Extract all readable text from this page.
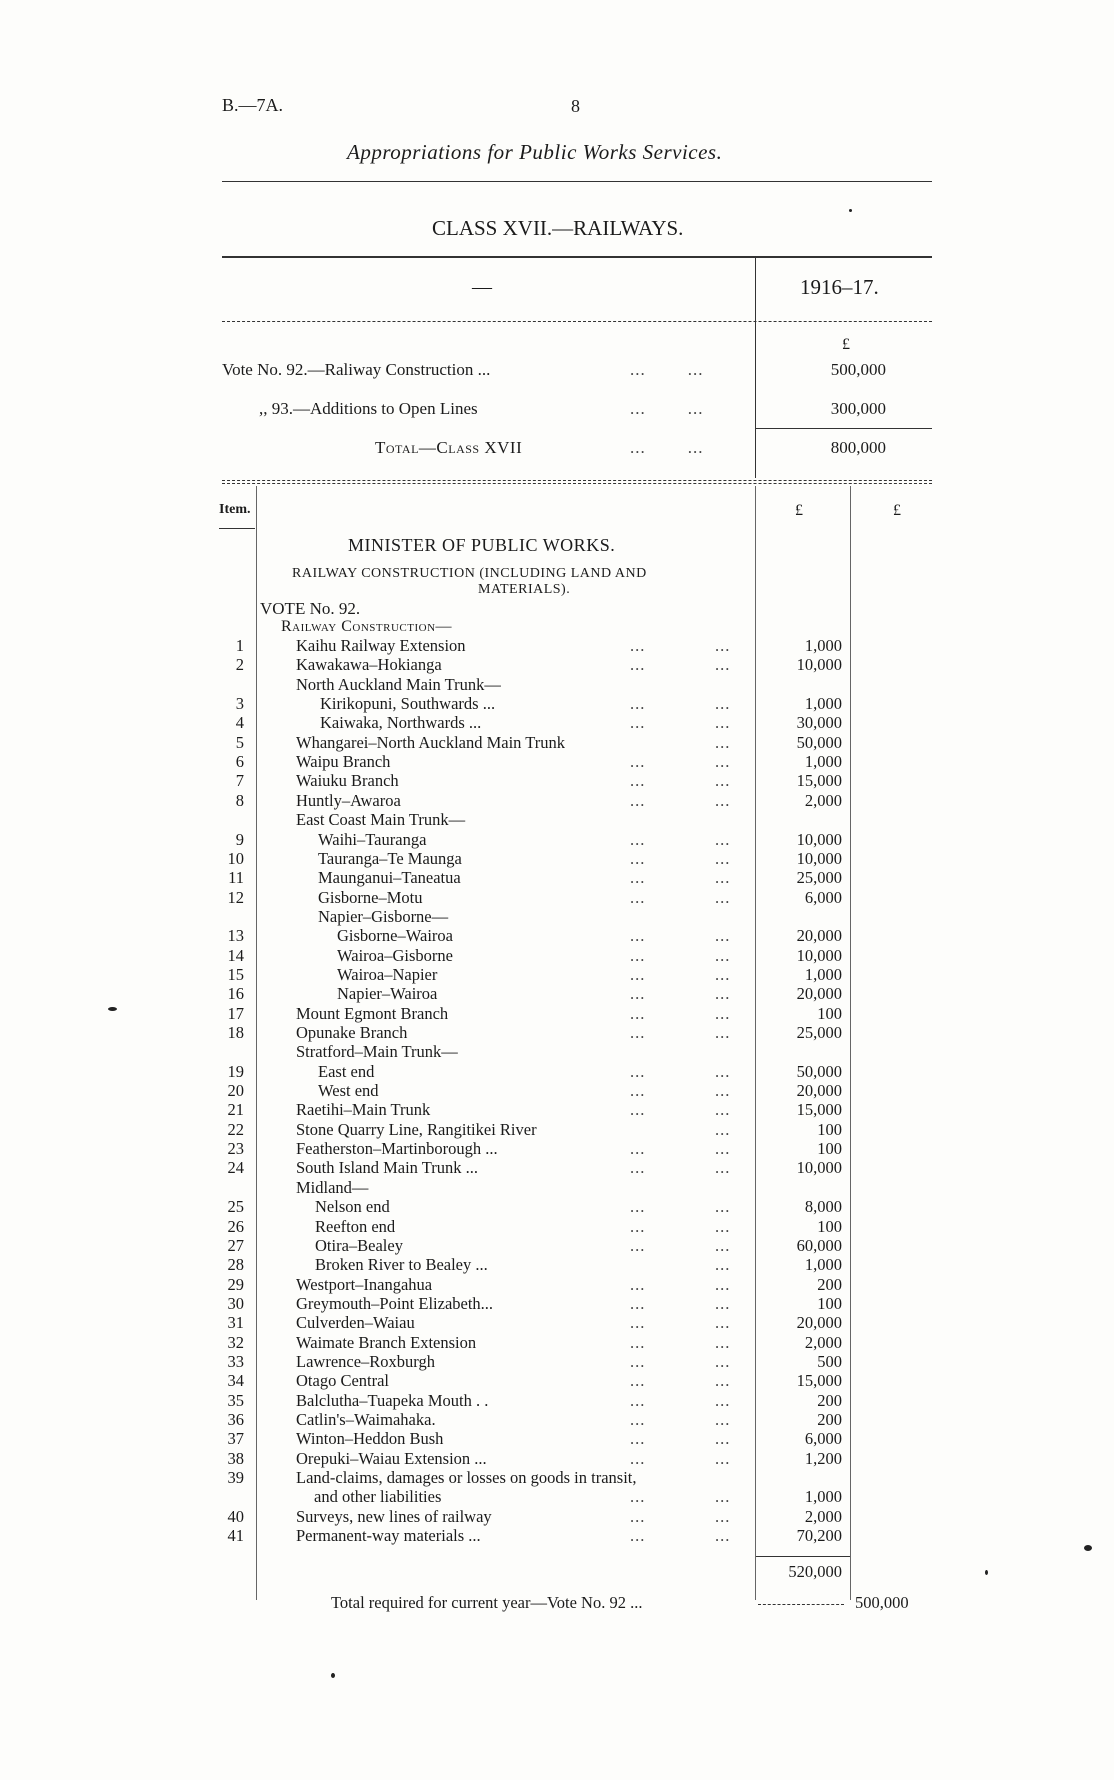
B.—7A.	8
Appropriations for Public Works Services.
CLASS XVII.—RAILWAYS.
—	1916–17.
£
Vote No. 92.—Raliway Construction ...	...        ...	500,000
,, 93.—Additions to Open Lines	...        ...	300,000
Total—Class XVII	...        ...	800,000
Item.	£	£
MINISTER OF PUBLIC WORKS.
RAILWAY CONSTRUCTION (INCLUDING LAND AND
MATERIALS).
VOTE No. 92.
Railway Construction—
1	Kaihu Railway Extension	...	...	1,000
2	Kawakawa–Hokianga	...	...	10,000
North Auckland Main Trunk—
3	Kirikopuni, Southwards ...	...	...	1,000
4	Kaiwaka, Northwards ...	...	...	30,000
5	Whangarei–North Auckland Main Trunk	...	50,000
6	Waipu Branch	...	...	1,000
7	Waiuku Branch	...	...	15,000
8	Huntly–Awaroa	...	...	2,000
East Coast Main Trunk—
9	Waihi–Tauranga	...	...	10,000
10	Tauranga–Te Maunga	...	...	10,000
11	Maunganui–Taneatua	...	...	25,000
12	Gisborne–Motu	...	...	6,000
Napier–Gisborne—
13	Gisborne–Wairoa	...	...	20,000
14	Wairoa–Gisborne	...	...	10,000
15	Wairoa–Napier	...	...	1,000
16	Napier–Wairoa	...	...	20,000
17	Mount Egmont Branch	...	...	100
18	Opunake Branch	...	...	25,000
Stratford–Main Trunk—
19	East end	...	...	50,000
20	West end	...	...	20,000
21	Raetihi–Main Trunk	...	...	15,000
22	Stone Quarry Line, Rangitikei River	...	100
23	Featherston–Martinborough ...	...	...	100
24	South Island Main Trunk ...	...	...	10,000
Midland—
25	Nelson end	...	...	8,000
26	Reefton end	...	...	100
27	Otira–Bealey	...	...	60,000
28	Broken River to Bealey ...	...	1,000
29	Westport–Inangahua	...	...	200
30	Greymouth–Point Elizabeth...	...	...	100
31	Culverden–Waiau	...	...	20,000
32	Waimate Branch Extension	...	...	2,000
33	Lawrence–Roxburgh	...	...	500
34	Otago Central	...	...	15,000
35	Balclutha–Tuapeka Mouth . .	...	...	200
36	Catlin's–Waimahaka.	...	...	200
37	Winton–Heddon Bush	...	...	6,000
38	Orepuki–Waiau Extension ...	...	...	1,200
39	Land-claims, damages or losses on goods in transit,
and other liabilities	...	...	1,000
40	Surveys, new lines of railway	...	...	2,000
41	Permanent-way materials ...	...	...	70,200
520,000
Total required for current year—Vote No. 92 ...	500,000
